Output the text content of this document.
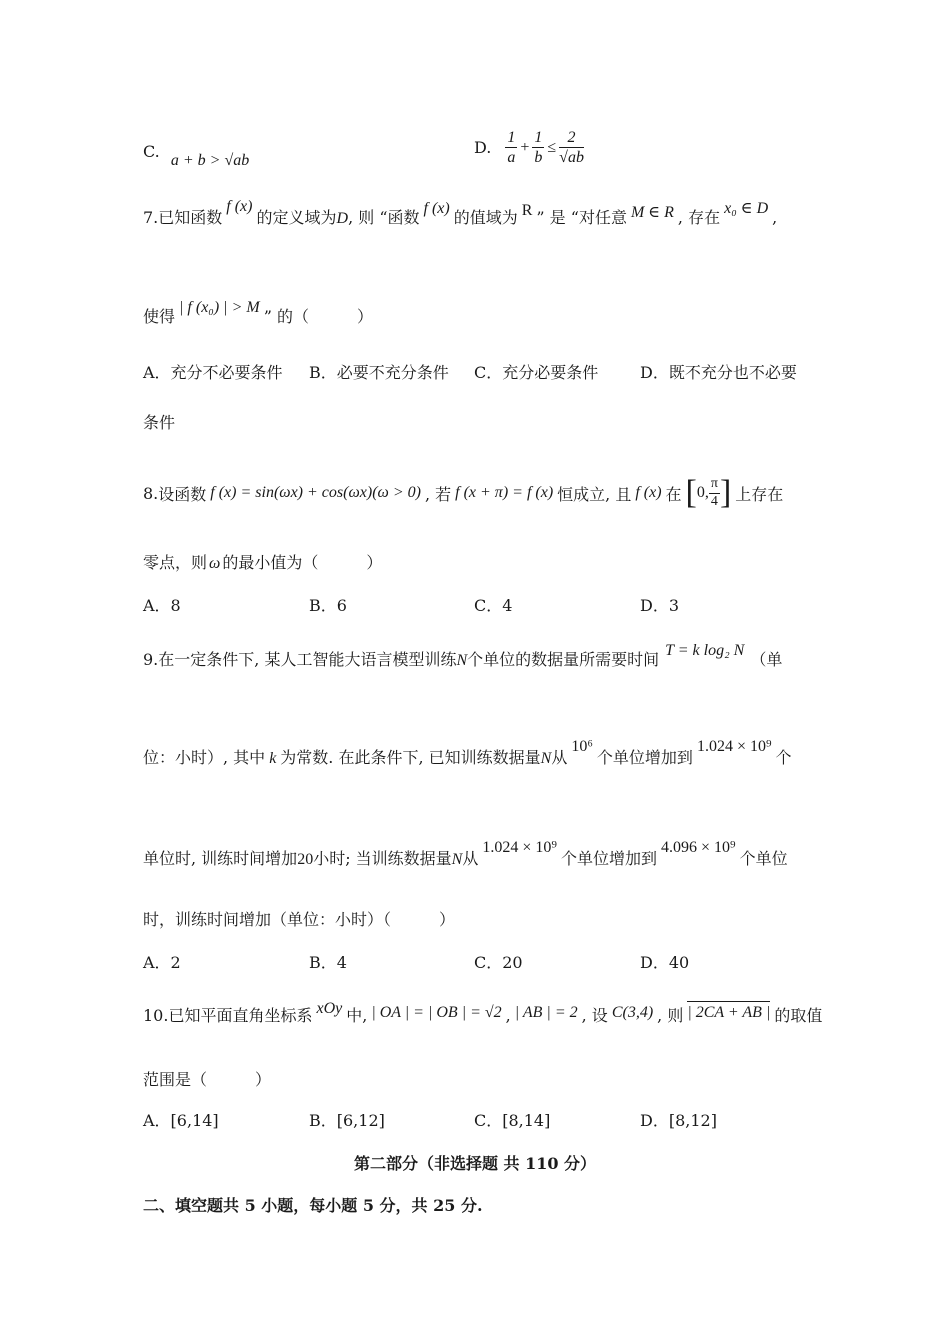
C. a + b > √ab
D. $\frac{1}{a} + \frac{1}{b} \le \frac{2}{√ab}$
7.已知函数f (x)的定义域为D, 则 “函数 f (x) 的值域为 R ” 是 “对任意 M ∈ R , 存在 x₀ ∈ D ,
使得 | f (x₀) | > M ” 的（　　　）
A．充分不必要条件 B．必要不充分条件 C．充分必要条件	D．既不充分也不必要
条件
8. 设函数 f (x) = sin(ωx) + cos(ωx)(ω > 0) , 若 f (x + π) = f (x) 恒成立, 且 f (x) 在 [ 0, $\frac{\pi}{4}$ ] 上存在
零点，则 ω 的最小值为（　　　）
A．8	B．6	C．4	D．3
9.在一定条件下, 某人工智能大语言模型训练N个单位的数据量所需要时间 T = k log₂ N （单
位：小时）, 其中 k 为常数. 在此条件下, 已知训练数据量N从10⁶个单位增加到1.024 × 10⁹个
单位时, 训练时间增加20小时; 当训练数据量N从1.024 × 10⁹个单位增加到4.096 × 10⁹个单位
时，训练时间增加（单位：小时）（　　　）
A．2	B．4	C．20	D．40
10.已知平面直角坐标系 xOy 中, | OA | = | OB | = √2 , | AB | = 2 , 设 C(3,4) , 则 | 2CA + AB | 的取值
范围是（　　　）
A．[6,14]	B．[6,12]	C．[8,14]	D．[8,12]
第二部分（非选择题 共 110 分）
二、填空题共 5 小题，每小题 5 分，共 25 分.
